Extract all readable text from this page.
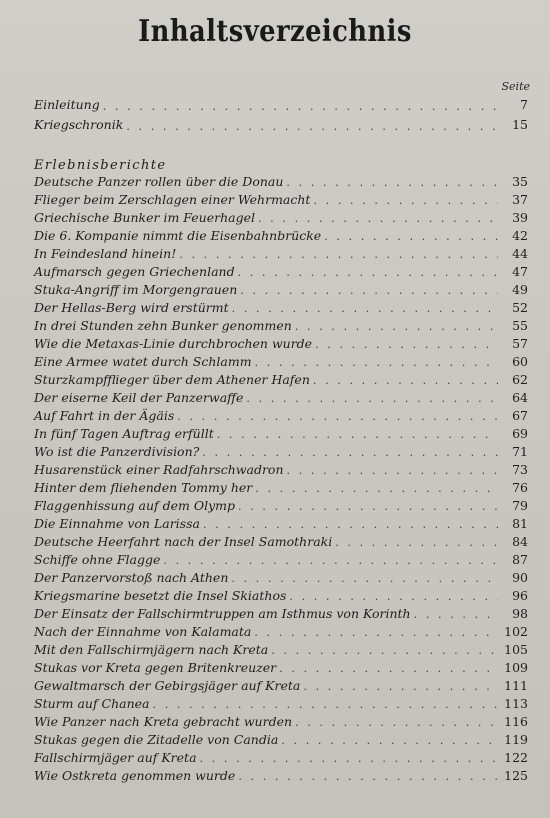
Inhaltsverzeichnis
Seite
Einleitung . . .	7
Kriegschronik . . .	15
Erlebnisberichte
Deutsche Panzer rollen über die Donau . . .	35
Flieger beim Zerschlagen einer Wehrmacht . . .	37
Griechische Bunker im Feuerhagel . . .	39
Die 6. Kompanie nimmt die Eisenbahnbrücke . . .	42
In Feindesland hinein! . . .	44
Aufmarsch gegen Griechenland . . .	47
Stuka-Angriff im Morgengrauen . . .	49
Der Hellas-Berg wird erstürmt . . .	52
In drei Stunden zehn Bunker genommen . . .	55
Wie die Metaxas-Linie durchbrochen wurde . . .	57
Eine Armee watet durch Schlamm . . .	60
Sturzkampfflieger über dem Athener Hafen . . .	62
Der eiserne Keil der Panzerwaffe . . .	64
Auf Fahrt in der Ägäis . . .	67
In fünf Tagen Auftrag erfüllt . . .	69
Wo ist die Panzerdivision? . . .	71
Husarenstück einer Radfahrschwadron . . .	73
Hinter dem fliehenden Tommy her . . .	76
Flaggenhissung auf dem Olymp . . .	79
Die Einnahme von Larissa . . .	81
Deutsche Heerfahrt nach der Insel Samothraki . . .	84
Schiffe ohne Flagge . . .	87
Der Panzervorstoß nach Athen . . .	90
Kriegsmarine besetzt die Insel Skiathos . . .	96
Der Einsatz der Fallschirmtruppen am Isthmus von Korinth . . .	98
Nach der Einnahme von Kalamata . . .	102
Mit den Fallschirmjägern nach Kreta . . .	105
Stukas vor Kreta gegen Britenkreuzer . . .	109
Gewaltmarsch der Gebirgsjäger auf Kreta . . .	111
Sturm auf Chanea . . .	113
Wie Panzer nach Kreta gebracht wurden . . .	116
Stukas gegen die Zitadelle von Candia . . .	119
Fallschirmjäger auf Kreta . . .	122
Wie Ostkreta genommen wurde . . .	125
